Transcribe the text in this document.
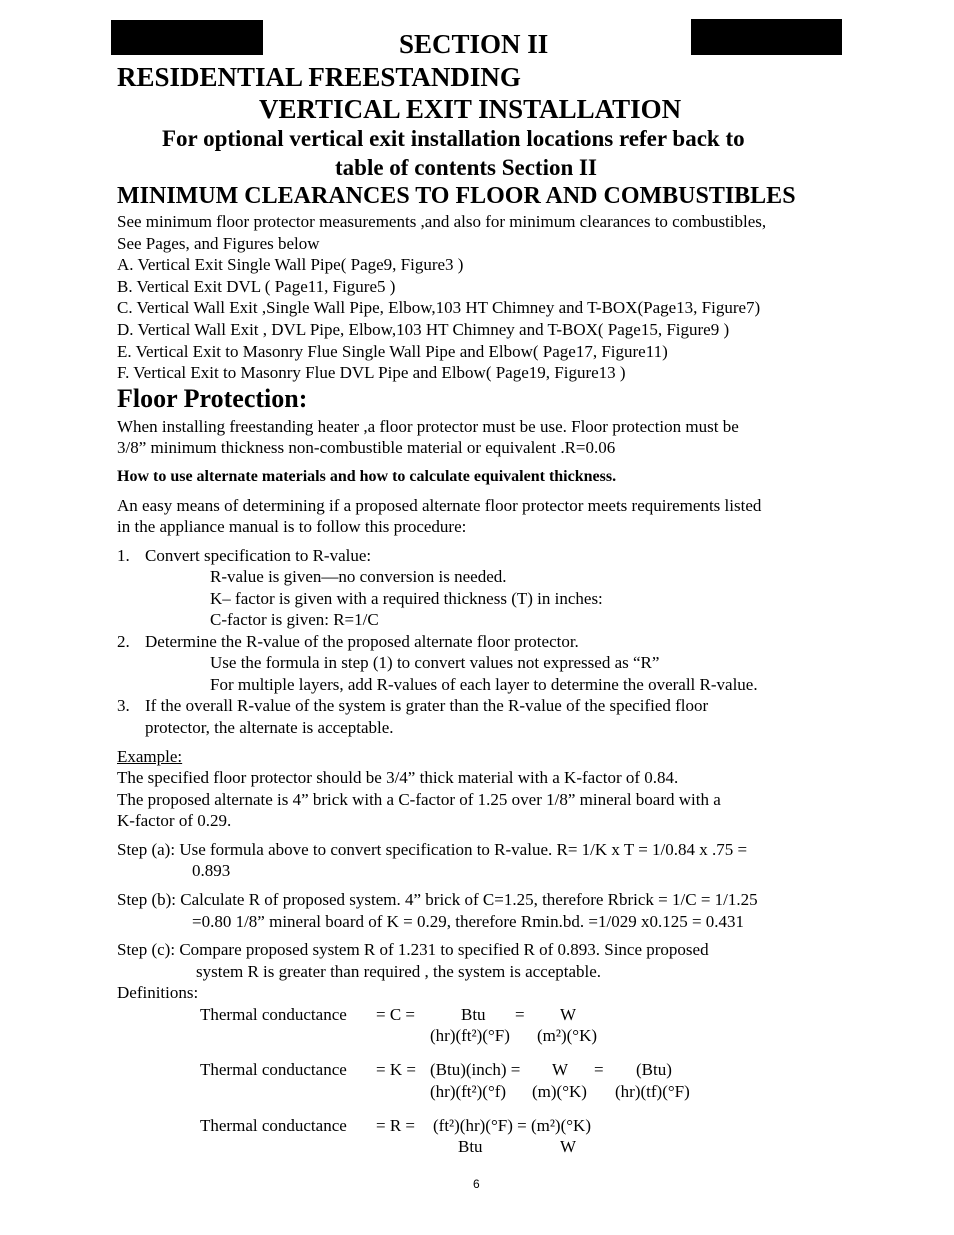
SECTION II
RESIDENTIAL FREESTANDING
VERTICAL EXIT INSTALLATION
For optional vertical exit installation locations refer back to
table of contents Section II
MINIMUM CLEARANCES TO FLOOR AND COMBUSTIBLES
See minimum floor protector measurements ,and also for minimum clearances to combustibles,
See Pages, and Figures below
A. Vertical Exit Single Wall Pipe( Page9, Figure3 )
B. Vertical Exit DVL ( Page11, Figure5 )
C. Vertical Wall Exit ,Single Wall Pipe, Elbow,103 HT Chimney and T-BOX(Page13, Figure7)
D. Vertical Wall Exit , DVL Pipe, Elbow,103 HT Chimney and T-BOX( Page15, Figure9 )
E. Vertical Exit to Masonry Flue Single Wall Pipe and Elbow( Page17, Figure11)
F. Vertical Exit to Masonry Flue DVL Pipe and Elbow( Page19, Figure13 )
Floor Protection:
When installing freestanding heater ,a floor protector must be use. Floor protection must be
3/8” minimum thickness non-combustible material or equivalent .R=0.06
How to use alternate materials and how to calculate equivalent thickness.
An easy means of determining if a proposed alternate floor protector meets requirements listed
in the appliance manual is to follow this procedure:
1. Convert specification to R-value:
R-value is given—no conversion is needed.
K– factor is given with a required thickness (T) in inches:
C-factor is given: R=1/C
2. Determine the R-value of the proposed alternate floor protector.
Use the formula in step (1) to convert values not expressed as “R”
For multiple layers, add R-values of each layer to determine the overall R-value.
3. If the overall R-value of the system is grater than the R-value of the specified floor
protector, the alternate is acceptable.
Example:
The specified floor protector should be 3/4” thick material with a K-factor of 0.84.
The proposed alternate is 4” brick with a C-factor of 1.25 over 1/8” mineral board with a
K-factor of 0.29.
Step (a): Use formula above to convert specification to R-value. R= 1/K x T = 1/0.84 x .75 =
0.893
Step (b): Calculate R of proposed system. 4” brick of C=1.25, therefore Rbrick = 1/C = 1/1.25
=0.80 1/8” mineral board of K = 0.29, therefore Rmin.bd. =1/029 x0.125 = 0.431
Step (c): Compare proposed system R of 1.231 to specified R of 0.893. Since proposed
system R is greater than required , the system is acceptable.
Definitions:
Thermal conductance = C =	Btu = W
(hr)(ft²)(°F) (m²)(°K)
Thermal conductance = K = (Btu)(inch) = W = (Btu)
(hr)(ft²)(°f) (m)(°K) (hr)(tf)(°F)
Thermal conductance = R = (ft²)(hr)(°F) = (m²)(°K)
Btu	W
6
